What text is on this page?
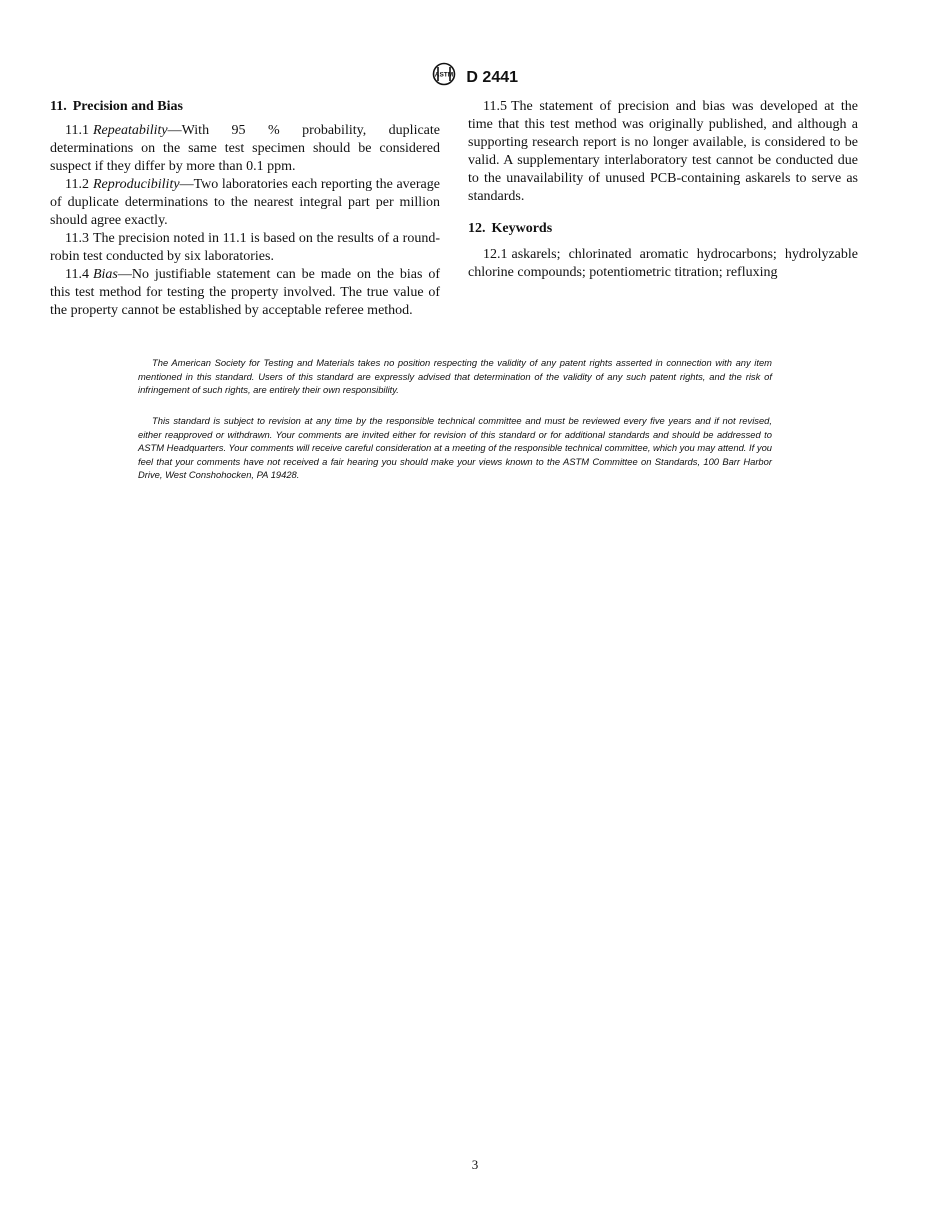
ASTM D 2441
11. Precision and Bias

11.1 Repeatability—With 95 % probability, duplicate determinations on the same test specimen should be considered suspect if they differ by more than 0.1 ppm.

11.2 Reproducibility—Two laboratories each reporting the average of duplicate determinations to the nearest integral part per million should agree exactly.

11.3 The precision noted in 11.1 is based on the results of a round-robin test conducted by six laboratories.

11.4 Bias—No justifiable statement can be made on the bias of this test method for testing the property involved. The true value of the property cannot be established by acceptable referee method.

11.5 The statement of precision and bias was developed at the time that this test method was originally published, and although a supporting research report is no longer available, is considered to be valid. A supplementary interlaboratory test cannot be conducted due to the unavailability of unused PCB-containing askarels to serve as standards.

12. Keywords

12.1 askarels; chlorinated aromatic hydrocarbons; hydrolyzable chlorine compounds; potentiometric titration; refluxing

The American Society for Testing and Materials takes no position respecting the validity of any patent rights asserted in connection with any item mentioned in this standard. Users of this standard are expressly advised that determination of the validity of any such patent rights, and the risk of infringement of such rights, are entirely their own responsibility.

This standard is subject to revision at any time by the responsible technical committee and must be reviewed every five years and if not revised, either reapproved or withdrawn. Your comments are invited either for revision of this standard or for additional standards and should be addressed to ASTM Headquarters. Your comments will receive careful consideration at a meeting of the responsible technical committee, which you may attend. If you feel that your comments have not received a fair hearing you should make your views known to the ASTM Committee on Standards, 100 Barr Harbor Drive, West Conshohocken, PA 19428.

3
